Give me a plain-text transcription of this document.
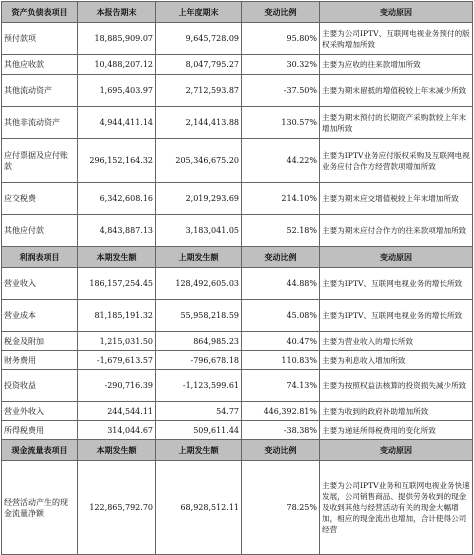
资产负债表项目	本报告期末	上年度期末	变动比例	变动原因
预付款项	18,885,909.07	9,645,728.09	95.80%	主要为公司IPTV、互联网电视业务预付的版权采购增加所致
其他应收款	10,488,207.12	8,047,795.27	30.32%	主要为应收的往来款增加所致
其他流动资产	1,695,403.97	2,712,593.87	-37.50%	主要为期末留抵的增值税较上年末减少所致
其他非流动资产	4,944,411.14	2,144,413.88	130.57%	主要为期末预付的长期资产采购款较上年末增加所致
应付票据及应付账款	296,152,164.32	205,346,675.20	44.22%	主要为IPTV业务应付版权采购及互联网电视业务应付合作方经营款项增加所致
应交税费	6,342,608.16	2,019,293.69	214.10%	主要为期末应交增值税较上年末增加所致
其他应付款	4,843,887.13	3,183,041.05	52.18%	主要为期末应付合作方的往来款项增加所致
利润表项目	本期发生额	上期发生额	变动比例	变动原因
营业收入	186,157,254.45	128,492,605.03	44.88%	主要为IPTV、互联网电视业务的增长所致
营业成本	81,185,191.32	55,958,218.59	45.08%	主要为IPTV、互联网电视业务的增长所致
税金及附加	1,215,031.50	864,985.23	40.47%	主要为营业收入的增长所致
财务费用	-1,679,613.57	-796,678.18	110.83%	主要为利息收入增加所致
投资收益	-290,716.39	-1,123,599.61	74.13%	主要为按照权益法核算的投资损失减少所致
营业外收入	244,544.11	54.77	446,392.81%	主要为收到的政府补助增加所致
所得税费用	314,044.67	509,611.44	-38.38%	主要为递延所得税费用的变化所致
现金流量表项目	本期发生额	上期发生额	变动比例	变动原因
经营活动产生的现金流量净额	122,865,792.70	68,928,512.11	78.25%	主要为公司IPTV业务和互联网电视业务快速发展，公司销售商品、提供劳务收到的现金及收到其他与经营活动有关的现金大幅增加，相应的现金流出也增加，合计使得公司经营
